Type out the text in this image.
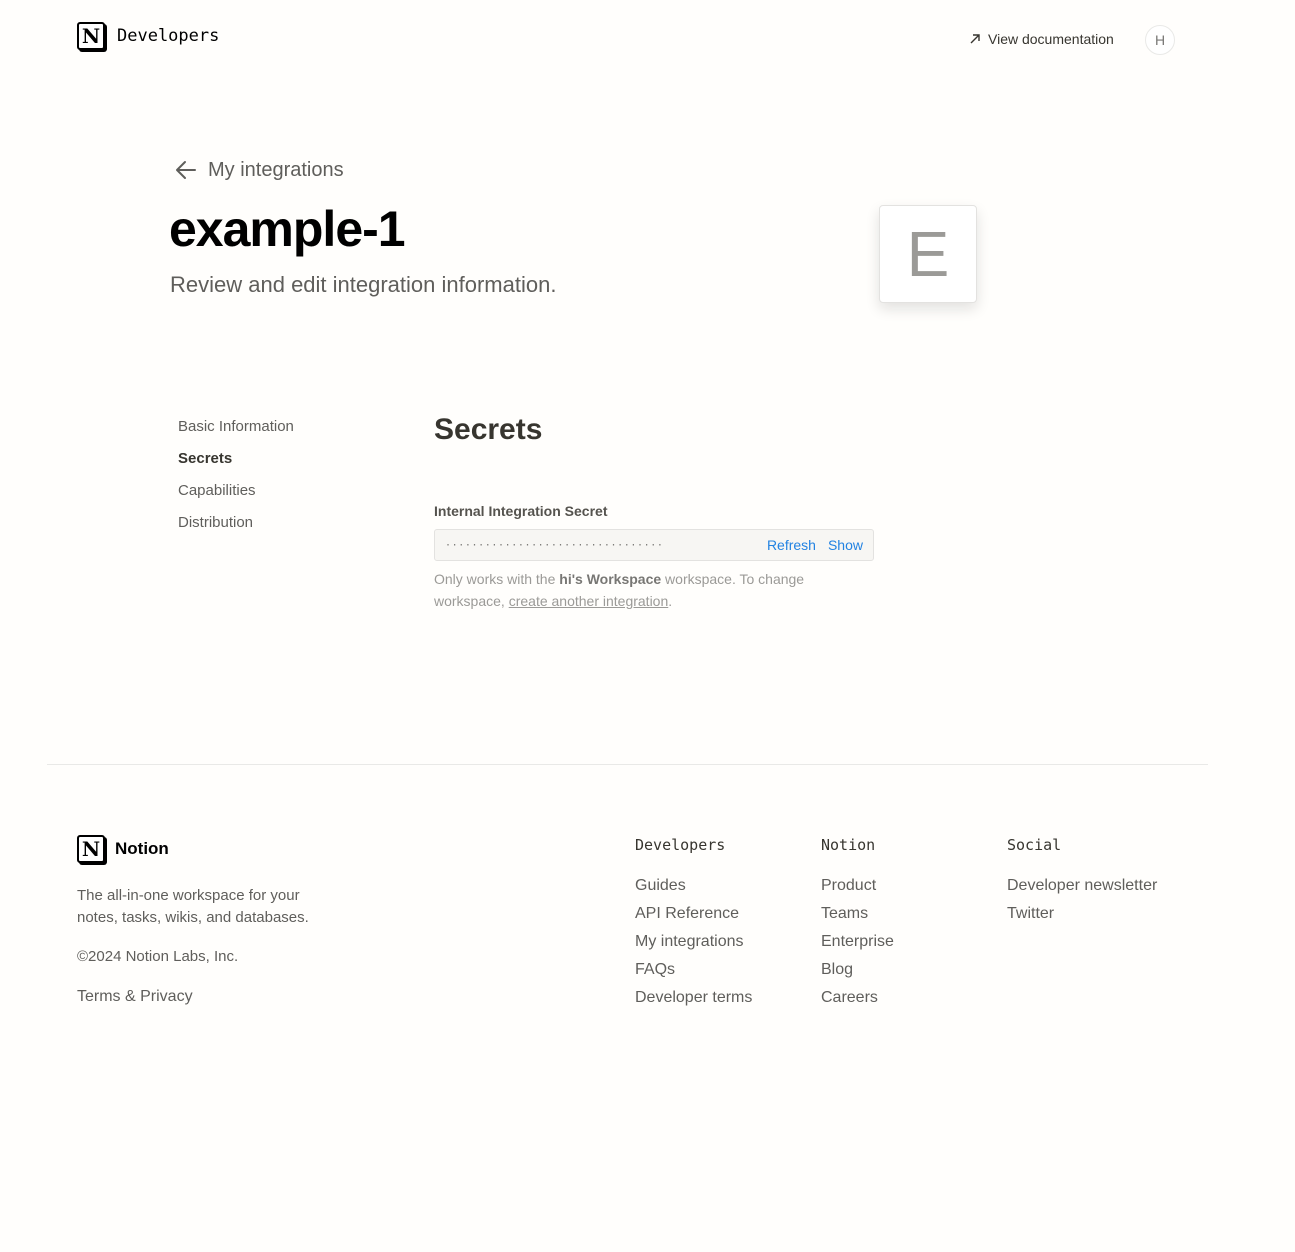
N Developers	View documentation	H
My integrations
example-1
Review and edit integration information.	E
Basic Information
Secrets
Capabilities
Distribution
Secrets
Internal Integration Secret
·································	Refresh Show
Only works with the hi's Workspace workspace. To change workspace, create another integration.
N Notion
The all-in-one workspace for your notes, tasks, wikis, and databases.
©2024 Notion Labs, Inc.
Terms & Privacy
Developers
Guides
API Reference
My integrations
FAQs
Developer terms
Notion
Product
Teams
Enterprise
Blog
Careers
Social
Developer newsletter
Twitter
